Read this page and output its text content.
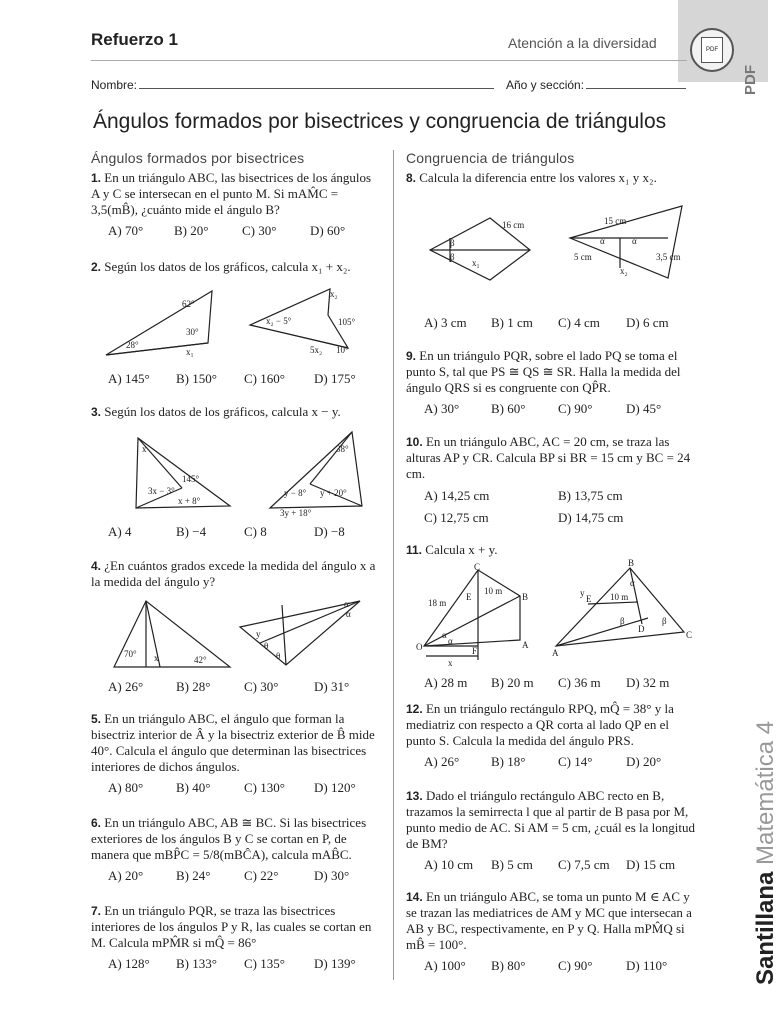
Refuerzo 1	Atención a la diversidad	PDF
PDF
Nombre:	Año y sección:
Ángulos formados por bisectrices y congruencia de triángulos
Ángulos formados por bisectrices	Congruencia de triángulos
1. En un triángulo ABC, las bisectrices de los ángulos A y C se intersecan en el punto M. Si mAM̂C = 3,5(mB̂), ¿cuánto mide el ángulo B?
A) 70° B) 20°	C) 30°	D) 60°
2. Según los datos de los gráficos, calcula x₁ + x₂.
62°
30°
28°
x₁
x₂
x₂ − 5°	105°
5x₂ 10°
A) 145° B) 150° C) 160° D) 175°
3. Según los datos de los gráficos, calcula x − y.
x
145°
3x − 3°
x + 8°
38°
y − 8° y + 20°
3y + 18°
A) 4	B) −4	C) 8	D) −8
4. ¿En cuántos grados excede la medida del ángulo x a la medida del ángulo y?
70° x	42°
α
α
y
θ
θ
A) 26°	B) 28°	C) 30°	D) 31°
5. En un triángulo ABC, el ángulo que forman la bisectriz interior de Â y la bisectriz exterior de B̂ mide 40°. Calcula el ángulo que determinan las bisectrices interiores de dichos ángulos.
A) 80°	B) 40°	C) 130° D) 120°
6. En un triángulo ABC, AB ≅ BC. Si las bisectrices exteriores de los ángulos B y C se cortan en P, de manera que mBP̂C = 5/8(mBĈA), calcula mAB̂C.
A) 20°	B) 24°	C) 22°	D) 30°
7. En un triángulo PQR, se traza las bisectrices interiores de los ángulos P y R, las cuales se cortan en M. Calcula mPM̂R si mQ̂ = 86°
A) 128° B) 133° C) 135° D) 139°
8. Calcula la diferencia entre los valores x₁ y x₂.
β
β
x₁
16 cm	15 cm
α	α
5 cm
x₂
3,5 cm
A) 3 cm B) 1 cm C) 4 cm D) 6 cm
9. En un triángulo PQR, sobre el lado PQ se toma el punto S, tal que PS ≅ QS ≅ SR. Halla la medida del ángulo QRS si es congruente con QP̂R.
A) 30° B) 60°	C) 90°	D) 45°
10. En un triángulo ABC, AC = 20 cm, se traza las alturas AP y CR. Calcula BP si BR = 15 cm y BC = 24 cm.
A) 14,25 cm	B) 13,75 cm
C) 12,75 cm	D) 14,75 cm
11. Calcula x + y.
C
E
10 m
B
18 m
α
α
O	F
A
x
B
α
y
E 10 m
β	β
A
D
C
A) 28 m B) 20 m C) 36 m D) 32 m
12. En un triángulo rectángulo RPQ, mQ̂ = 38° y la mediatriz con respecto a QR corta al lado QP en el punto S. Calcula la medida del ángulo PRS.
A) 26° B) 18°	C) 14°	D) 20°
13. Dado el triángulo rectángulo ABC recto en B, trazamos la semirrecta l que al partir de B pasa por M, punto medio de AC. Si AM = 5 cm, ¿cuál es la longitud de BM?
A) 10 cm B) 5 cm C) 7,5 cm D) 15 cm
14. En un triángulo ABC, se toma un punto M ∈ AC y se trazan las mediatrices de AM y MC que intersecan a AB y BC, respectivamente, en P y Q. Halla mPM̂Q si mB̂ = 100°.
A) 100° B) 80°	C) 90°	D) 110°	Santillana Matemática 4
